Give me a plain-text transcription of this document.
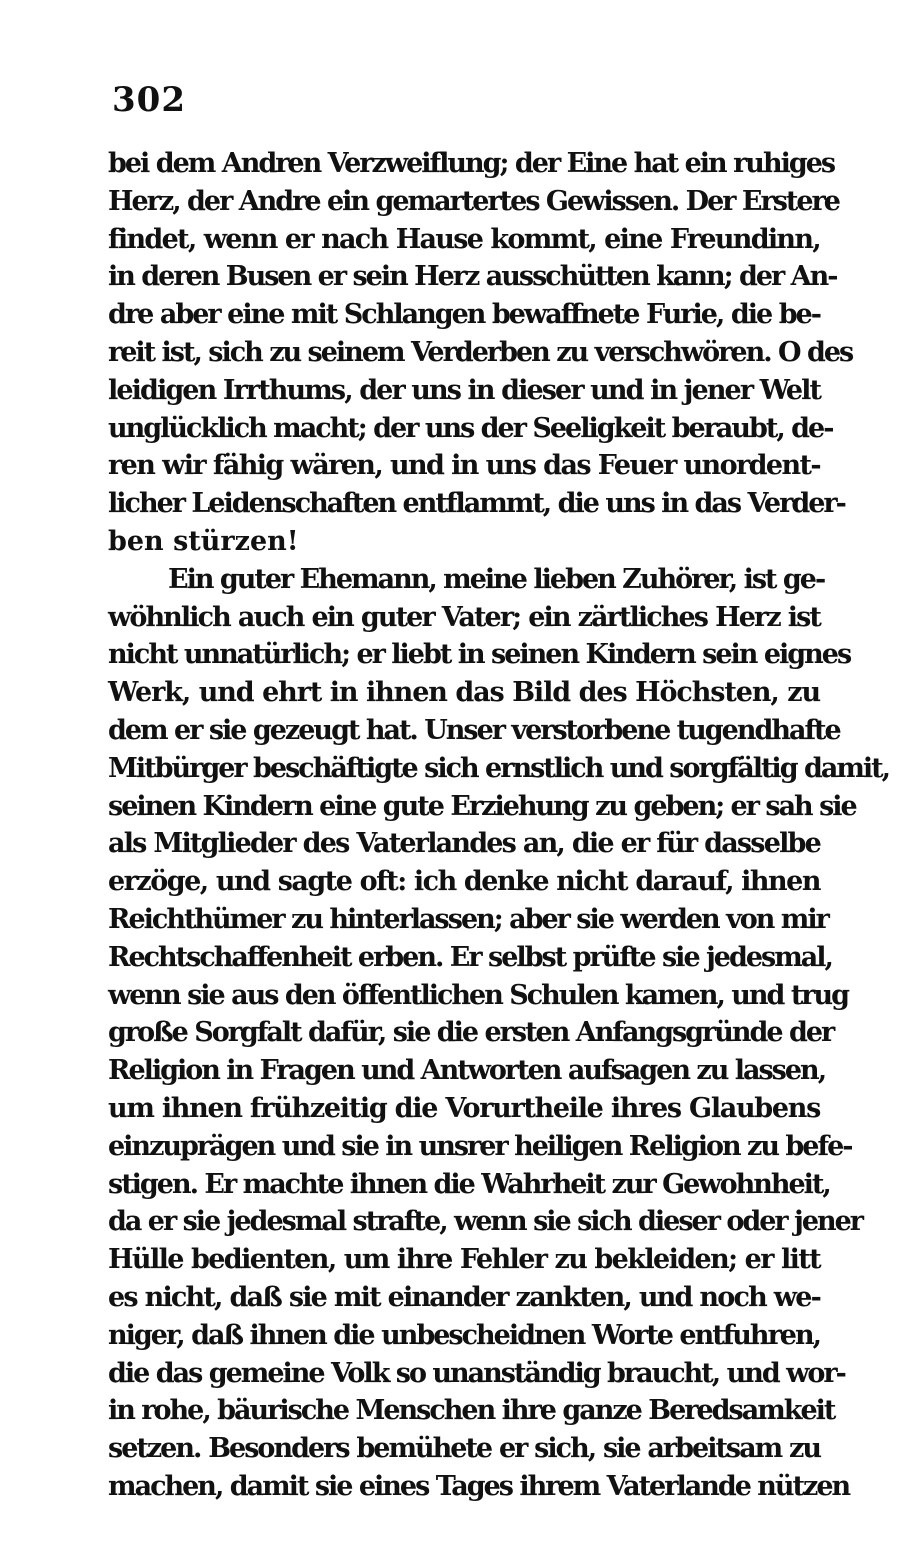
302
bei dem Andren Verzweiflung; der Eine hat ein ruhiges
Herz, der Andre ein gemartertes Gewissen. Der Erstere
findet, wenn er nach Hause kommt, eine Freundinn,
in deren Busen er sein Herz ausschütten kann; der An-
dre aber eine mit Schlangen bewaffnete Furie, die be-
reit ist, sich zu seinem Verderben zu verschwören. O des
leidigen Irrthums, der uns in dieser und in jener Welt
unglücklich macht; der uns der Seeligkeit beraubt, de-
ren wir fähig wären, und in uns das Feuer unordent-
licher Leidenschaften entflammt, die uns in das Verder-
ben stürzen!
Ein guter Ehemann, meine lieben Zuhörer, ist ge-
wöhnlich auch ein guter Vater; ein zärtliches Herz ist
nicht unnatürlich; er liebt in seinen Kindern sein eignes
Werk, und ehrt in ihnen das Bild des Höchsten, zu
dem er sie gezeugt hat. Unser verstorbene tugendhafte
Mitbürger beschäftigte sich ernstlich und sorgfältig damit,
seinen Kindern eine gute Erziehung zu geben; er sah sie
als Mitglieder des Vaterlandes an, die er für dasselbe
erzöge, und sagte oft: ich denke nicht darauf, ihnen
Reichthümer zu hinterlassen; aber sie werden von mir
Rechtschaffenheit erben. Er selbst prüfte sie jedesmal,
wenn sie aus den öffentlichen Schulen kamen, und trug
große Sorgfalt dafür, sie die ersten Anfangsgründe der
Religion in Fragen und Antworten aufsagen zu lassen,
um ihnen frühzeitig die Vorurtheile ihres Glaubens
einzuprägen und sie in unsrer heiligen Religion zu befe-
stigen. Er machte ihnen die Wahrheit zur Gewohnheit,
da er sie jedesmal strafte, wenn sie sich dieser oder jener
Hülle bedienten, um ihre Fehler zu bekleiden; er litt
es nicht, daß sie mit einander zankten, und noch we-
niger, daß ihnen die unbescheidnen Worte entfuhren,
die das gemeine Volk so unanständig braucht, und wor-
in rohe, bäurische Menschen ihre ganze Beredsamkeit
setzen. Besonders bemühete er sich, sie arbeitsam zu
machen, damit sie eines Tages ihrem Vaterlande nützen
